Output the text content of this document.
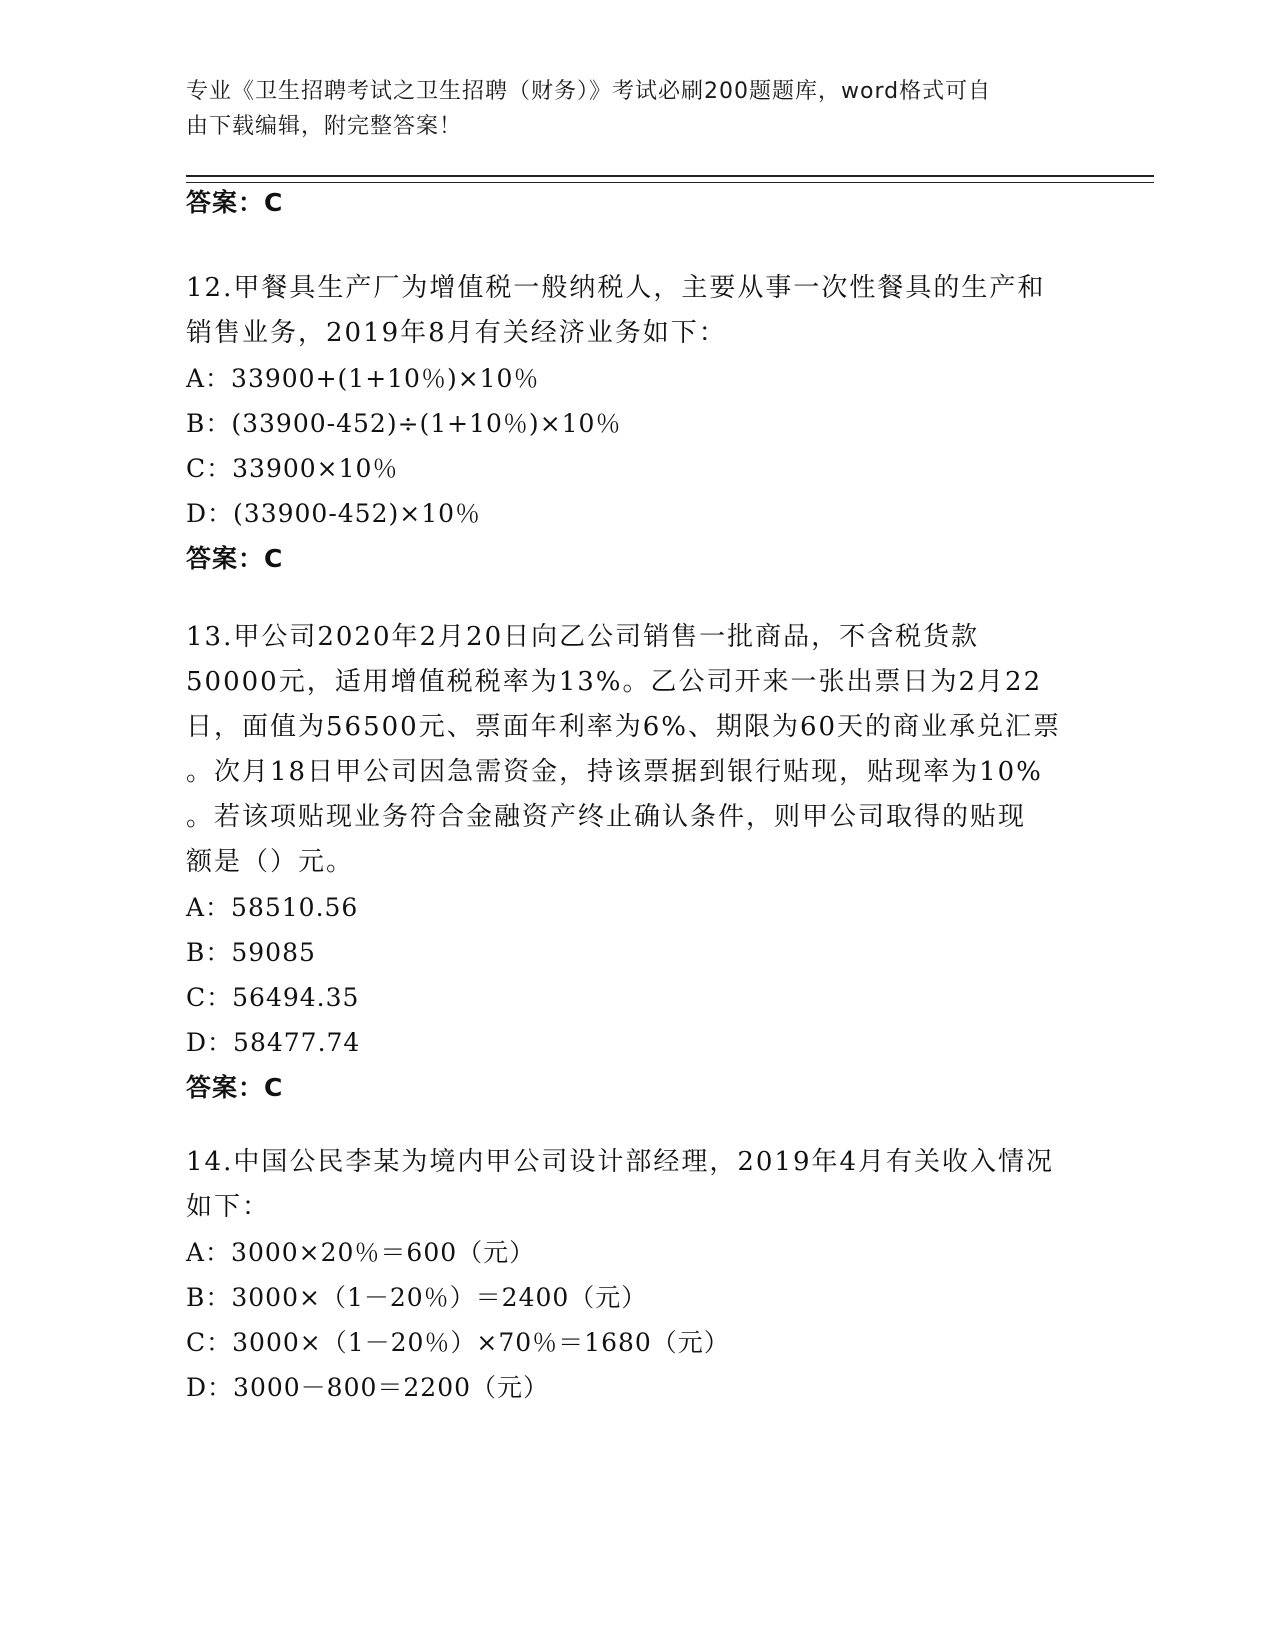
专业《卫生招聘考试之卫生招聘（财务）》考试必刷200题题库，word格式可自
由下载编辑，附完整答案！
答案：C

12.甲餐具生产厂为增值税一般纳税人，主要从事一次性餐具的生产和
销售业务，2019年8月有关经济业务如下：

A：33900+(1+10％)×10％
B：(33900-452)÷(1+10％)×10％
C：33900×10％
D：(33900-452)×10％
答案：C

13.甲公司2020年2月20日向乙公司销售一批商品，不含税货款
50000元，适用增值税税率为13%。乙公司开来一张出票日为2月22
日，面值为56500元、票面年利率为6%、期限为60天的商业承兑汇票
。次月18日甲公司因急需资金，持该票据到银行贴现，贴现率为10%
。若该项贴现业务符合金融资产终止确认条件，则甲公司取得的贴现
额是（）元。

A：58510.56
B：59085
C：56494.35
D：58477.74
答案：C

14.中国公民李某为境内甲公司设计部经理，2019年4月有关收入情况
如下：

A：3000×20％＝600（元）
B：3000×（1－20％）＝2400（元）
C：3000×（1－20％）×70％＝1680（元）
D：3000－800＝2200（元）
